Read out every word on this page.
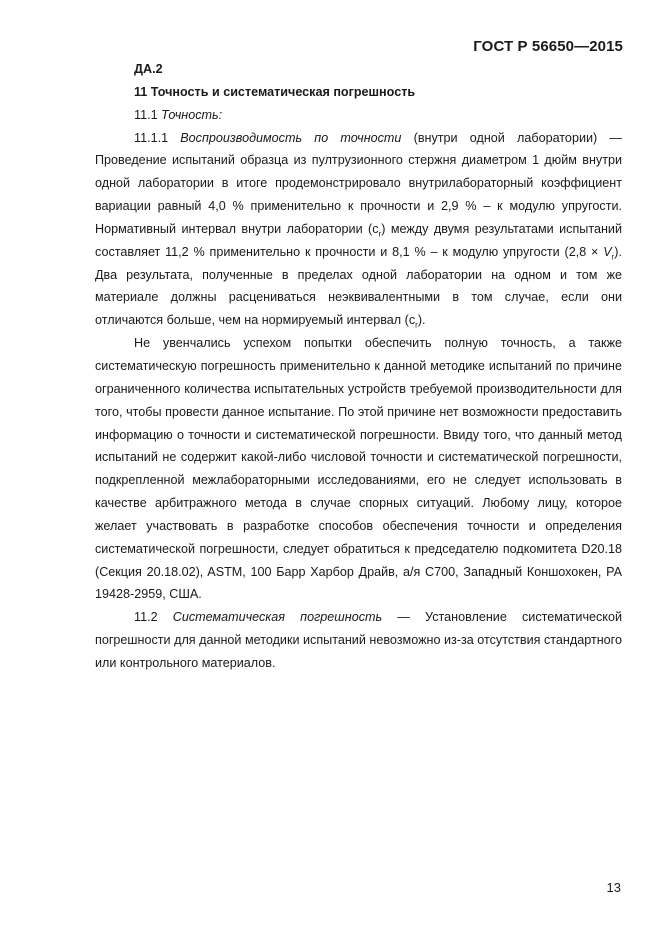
ГОСТ Р 56650—2015

ДА.2

11 Точность и систематическая погрешность

11.1 Точность:

11.1.1 Воспроизводимость по точности (внутри одной лаборатории) — Проведение испытаний образца из пултрузионного стержня диаметром 1 дюйм внутри одной лаборатории в итоге продемонстрировало внутрилабораторный коэффициент вариации равный 4,0 % применительно к прочности и 2,9 % – к модулю упругости. Нормативный интервал внутри лаборатории $(c_r)$ между двумя результатами испытаний составляет 11,2 % применительно к прочности и 8,1 % – к модулю упругости $(2,8 \times V_r)$. Два результата, полученные в пределах одной лаборатории на одном и том же материале должны расцениваться неэквивалентными в том случае, если они отличаются больше, чем на нормируемый интервал $(c_r)$.

Не увенчались успехом попытки обеспечить полную точность, а также систематическую погрешность применительно к данной методике испытаний по причине ограниченного количества испытательных устройств требуемой производительности для того, чтобы провести данное испытание. По этой причине нет возможности предоставить информацию о точности и систематической погрешности. Ввиду того, что данный метод испытаний не содержит какой-либо числовой точности и систематической погрешности, подкрепленной межлабораторными исследованиями, его не следует использовать в качестве арбитражного метода в случае спорных ситуаций. Любому лицу, которое желает участвовать в разработке способов обеспечения точности и определения систематической погрешности, следует обратиться к председателю подкомитета D20.18 (Секция 20.18.02), ASTM, 100 Барр Харбор Драйв, а/я С700, Западный Коншохокен, PA 19428-2959, США.

11.2 Систематическая погрешность — Установление систематической погрешности для данной методики испытаний невозможно из-за отсутствия стандартного или контрольного материалов.

13
